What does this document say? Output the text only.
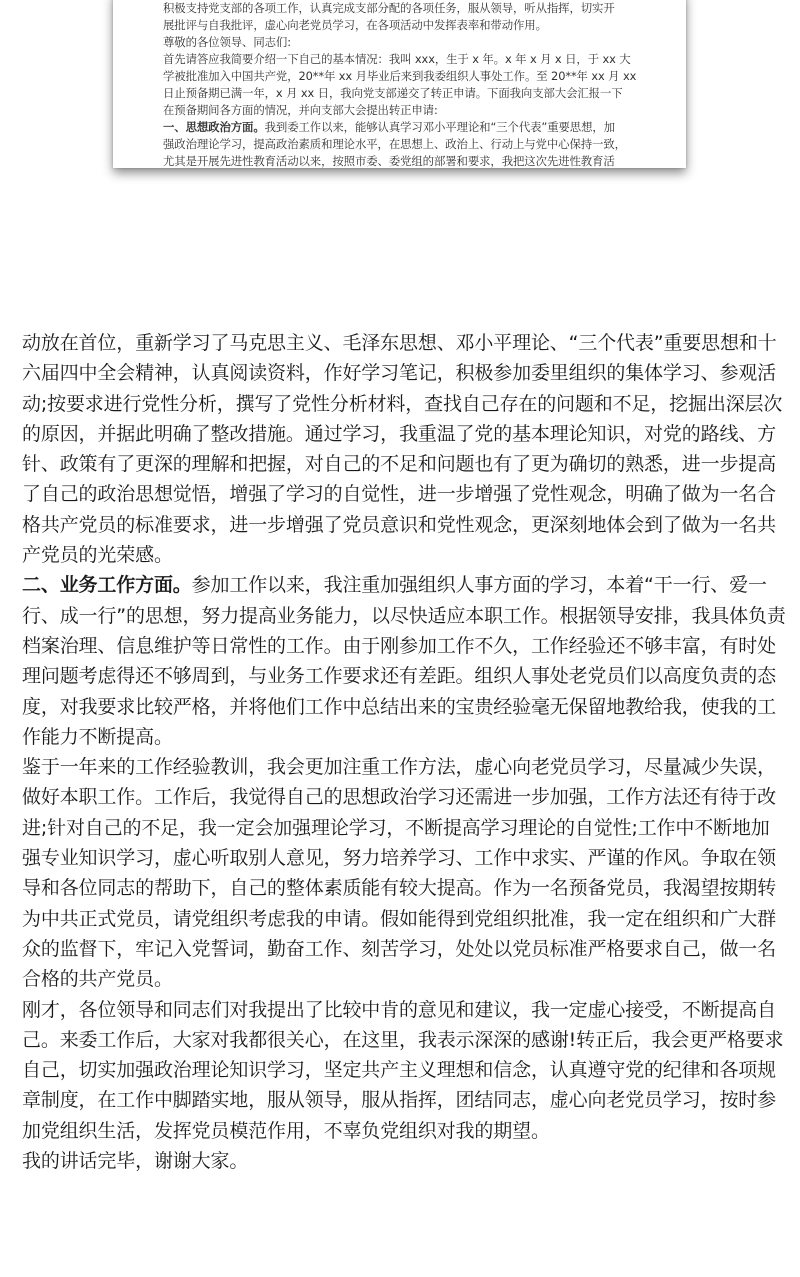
积极支持党支部的各项工作，认真完成支部分配的各项任务，服从领导，听从指挥，切实开
展批评与自我批评，虚心向老党员学习，在各项活动中发挥表率和带动作用。
尊敬的各位领导、同志们:
首先请答应我简要介绍一下自己的基本情况：我叫 xxx，生于 x 年。x 年 x 月 x 日，于 xx 大
学被批准加入中国共产党，20**年 xx 月毕业后来到我委组织人事处工作。至 20**年 xx 月 xx
日止预备期已满一年，x 月 xx 日，我向党支部递交了转正申请。下面我向支部大会汇报一下
在预备期间各方面的情况，并向支部大会提出转正申请:
一、思想政治方面。我到委工作以来，能够认真学习邓小平理论和“三个代表”重要思想，加
强政治理论学习，提高政治素质和理论水平，在思想上、政治上、行动上与党中心保持一致，
尤其是开展先进性教育活动以来，按照市委、委党组的部署和要求，我把这次先进性教育活
动放在首位，重新学习了马克思主义、毛泽东思想、邓小平理论、“三个代表”重要思想和十
六届四中全会精神，认真阅读资料，作好学习笔记，积极参加委里组织的集体学习、参观活
动;按要求进行党性分析，撰写了党性分析材料，查找自己存在的问题和不足，挖掘出深层次
的原因，并据此明确了整改措施。通过学习，我重温了党的基本理论知识，对党的路线、方
针、政策有了更深的理解和把握，对自己的不足和问题也有了更为确切的熟悉，进一步提高
了自己的政治思想觉悟，增强了学习的自觉性，进一步增强了党性观念，明确了做为一名合
格共产党员的标准要求，进一步增强了党员意识和党性观念，更深刻地体会到了做为一名共
产党员的光荣感。
二、业务工作方面。参加工作以来，我注重加强组织人事方面的学习，本着“干一行、爱一
行、成一行”的思想，努力提高业务能力，以尽快适应本职工作。根据领导安排，我具体负责
档案治理、信息维护等日常性的工作。由于刚参加工作不久，工作经验还不够丰富，有时处
理问题考虑得还不够周到，与业务工作要求还有差距。组织人事处老党员们以高度负责的态
度，对我要求比较严格，并将他们工作中总结出来的宝贵经验毫无保留地教给我，使我的工
作能力不断提高。
鉴于一年来的工作经验教训，我会更加注重工作方法，虚心向老党员学习，尽量减少失误，
做好本职工作。工作后，我觉得自己的思想政治学习还需进一步加强，工作方法还有待于改
进;针对自己的不足，我一定会加强理论学习，不断提高学习理论的自觉性;工作中不断地加
强专业知识学习，虚心听取别人意见，努力培养学习、工作中求实、严谨的作风。争取在领
导和各位同志的帮助下，自己的整体素质能有较大提高。作为一名预备党员，我渴望按期转
为中共正式党员，请党组织考虑我的申请。假如能得到党组织批准，我一定在组织和广大群
众的监督下，牢记入党誓词，勤奋工作、刻苦学习，处处以党员标准严格要求自己，做一名
合格的共产党员。
刚才，各位领导和同志们对我提出了比较中肯的意见和建议，我一定虚心接受，不断提高自
己。来委工作后，大家对我都很关心，在这里，我表示深深的感谢!转正后，我会更严格要求
自己，切实加强政治理论知识学习，坚定共产主义理想和信念，认真遵守党的纪律和各项规
章制度，在工作中脚踏实地，服从领导，服从指挥，团结同志，虚心向老党员学习，按时参
加党组织生活，发挥党员模范作用，不辜负党组织对我的期望。
我的讲话完毕，谢谢大家。
